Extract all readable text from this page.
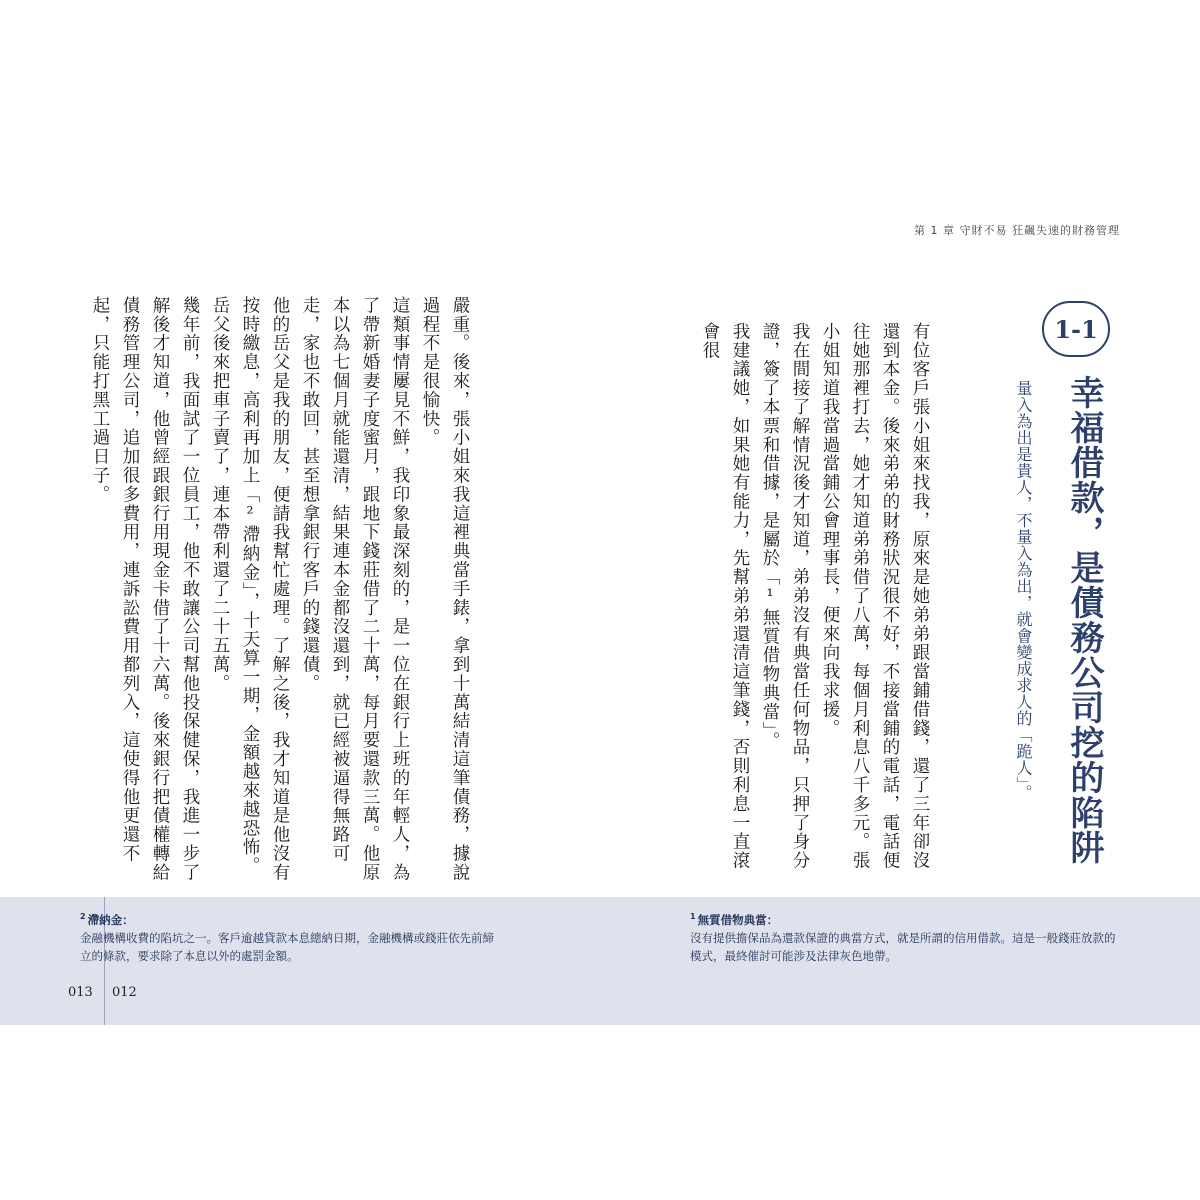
第 1 章 守財不易 狂飆失速的財務管理
1-1
幸福借款，是債務公司挖的陷阱

量入為出是貴人，不量入為出，就會變成求人的「跪人」。

有位客戶張小姐來找我，原來是她弟弟跟當鋪借錢，還了三年卻沒還到本金。後來弟弟的財務狀況很不好，不接當鋪的電話，電話便往她那裡打去，她才知道弟弟借了八萬，每個月利息八千多元。張小姐知道我當過當鋪公會理事長，便來向我求援。
我在間接了解情況後才知道，弟弟沒有典當任何物品，只押了身分證，簽了本票和借據，是屬於「¹無質借物典當」。
我建議她，如果她有能力，先幫弟弟還清這筆錢，否則利息一直滾會很
嚴重。後來，張小姐來我這裡典當手錶，拿到十萬結清這筆債務，據說過程不是很愉快。
這類事情屢見不鮮，我印象最深刻的，是一位在銀行上班的年輕人，為了帶新婚妻子度蜜月，跟地下錢莊借了二十萬，每月要還款三萬。他原本以為七個月就能還清，結果連本金都沒還到，就已經被逼得無路可走，家也不敢回，甚至想拿銀行客戶的錢還債。
他的岳父是我的朋友，便請我幫忙處理。了解之後，我才知道是他沒有按時繳息，高利再加上「²滯納金」，十天算一期，金額越來越恐怖。岳父後來把車子賣了，連本帶利還了二十五萬。
幾年前，我面試了一位員工，他不敢讓公司幫他投保健保，我進一步了解後才知道，他曾經跟銀行用現金卡借了十六萬。後來銀行把債權轉給債務管理公司，追加很多費用，連訴訟費用都列入，這使得他更還不起，只能打黑工過日子。
$^2$ 滯納金：
金融機構收費的陷坑之一。客戶逾越貸款本息總納日期，金融機構或錢莊依先前締立的條款，要求除了本息以外的處罰金額。
$^1$ 無質借物典當：
沒有提供擔保品為還款保證的典當方式，就是所謂的信用借款。這是一般錢莊放款的模式，最終催討可能涉及法律灰色地帶。
013 012
